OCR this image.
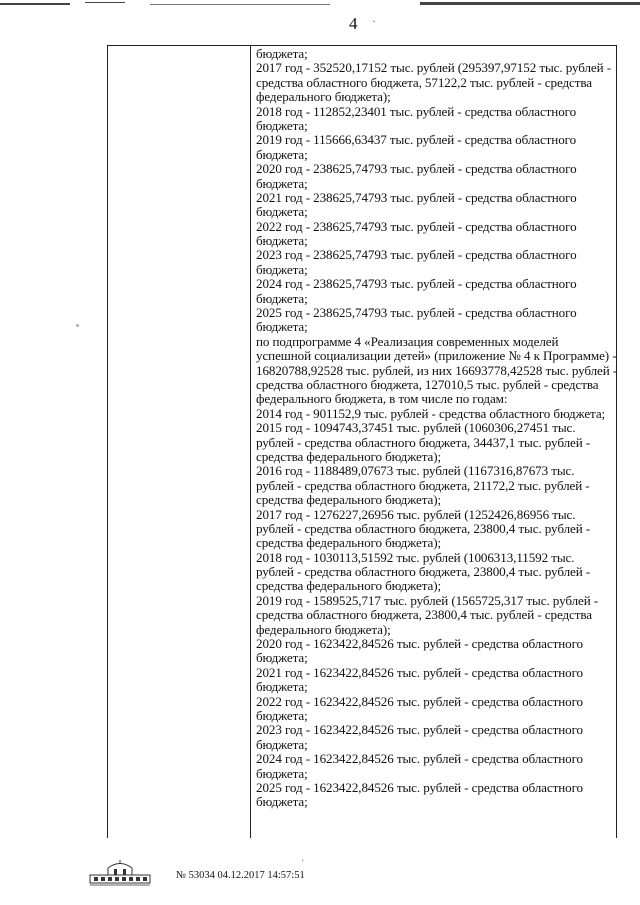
4 ·
бюджета;
2017 год - 352520,17152 тыс. рублей (295397,97152 тыс. рублей -
средства областного бюджета, 57122,2 тыс. рублей - средства
федерального бюджета);
2018 год - 112852,23401 тыс. рублей - средства областного
бюджета;
2019 год - 115666,63437 тыс. рублей - средства областного
бюджета;
2020 год - 238625,74793 тыс. рублей - средства областного
бюджета;
2021 год - 238625,74793 тыс. рублей - средства областного
бюджета;
2022 год - 238625,74793 тыс. рублей - средства областного
бюджета;
2023 год - 238625,74793 тыс. рублей - средства областного
бюджета;
2024 год - 238625,74793 тыс. рублей - средства областного
бюджета;
2025 год - 238625,74793 тыс. рублей - средства областного
бюджета;
по подпрограмме 4 «Реализация современных моделей
успешной социализации детей» (приложение № 4 к Программе) -
16820788,92528 тыс. рублей, из них 16693778,42528 тыс. рублей -
средства областного бюджета, 127010,5 тыс. рублей - средства
федерального бюджета, в том числе по годам:
2014 год - 901152,9 тыс. рублей - средства областного бюджета;
2015 год - 1094743,37451 тыс. рублей (1060306,27451 тыс.
рублей - средства областного бюджета, 34437,1 тыс. рублей -
средства федерального бюджета);
2016 год - 1188489,07673 тыс. рублей (1167316,87673 тыс.
рублей - средства областного бюджета, 21172,2 тыс. рублей -
средства федерального бюджета);
2017 год - 1276227,26956 тыс. рублей (1252426,86956 тыс.
рублей - средства областного бюджета, 23800,4 тыс. рублей -
средства федерального бюджета);
2018 год - 1030113,51592 тыс. рублей (1006313,11592 тыс.
рублей - средства областного бюджета, 23800,4 тыс. рублей -
средства федерального бюджета);
2019 год - 1589525,717 тыс. рублей (1565725,317 тыс. рублей -
средства областного бюджета, 23800,4 тыс. рублей - средства
федерального бюджета);
2020 год - 1623422,84526 тыс. рублей - средства областного
бюджета;
2021 год - 1623422,84526 тыс. рублей - средства областного
бюджета;
2022 год - 1623422,84526 тыс. рублей - средства областного
бюджета;
2023 год - 1623422,84526 тыс. рублей - средства областного
бюджета;
2024 год - 1623422,84526 тыс. рублей - средства областного
бюджета;
2025 год - 1623422,84526 тыс. рублей - средства областного
бюджета;
№ 53034 04.12.2017 14:57:51
'
